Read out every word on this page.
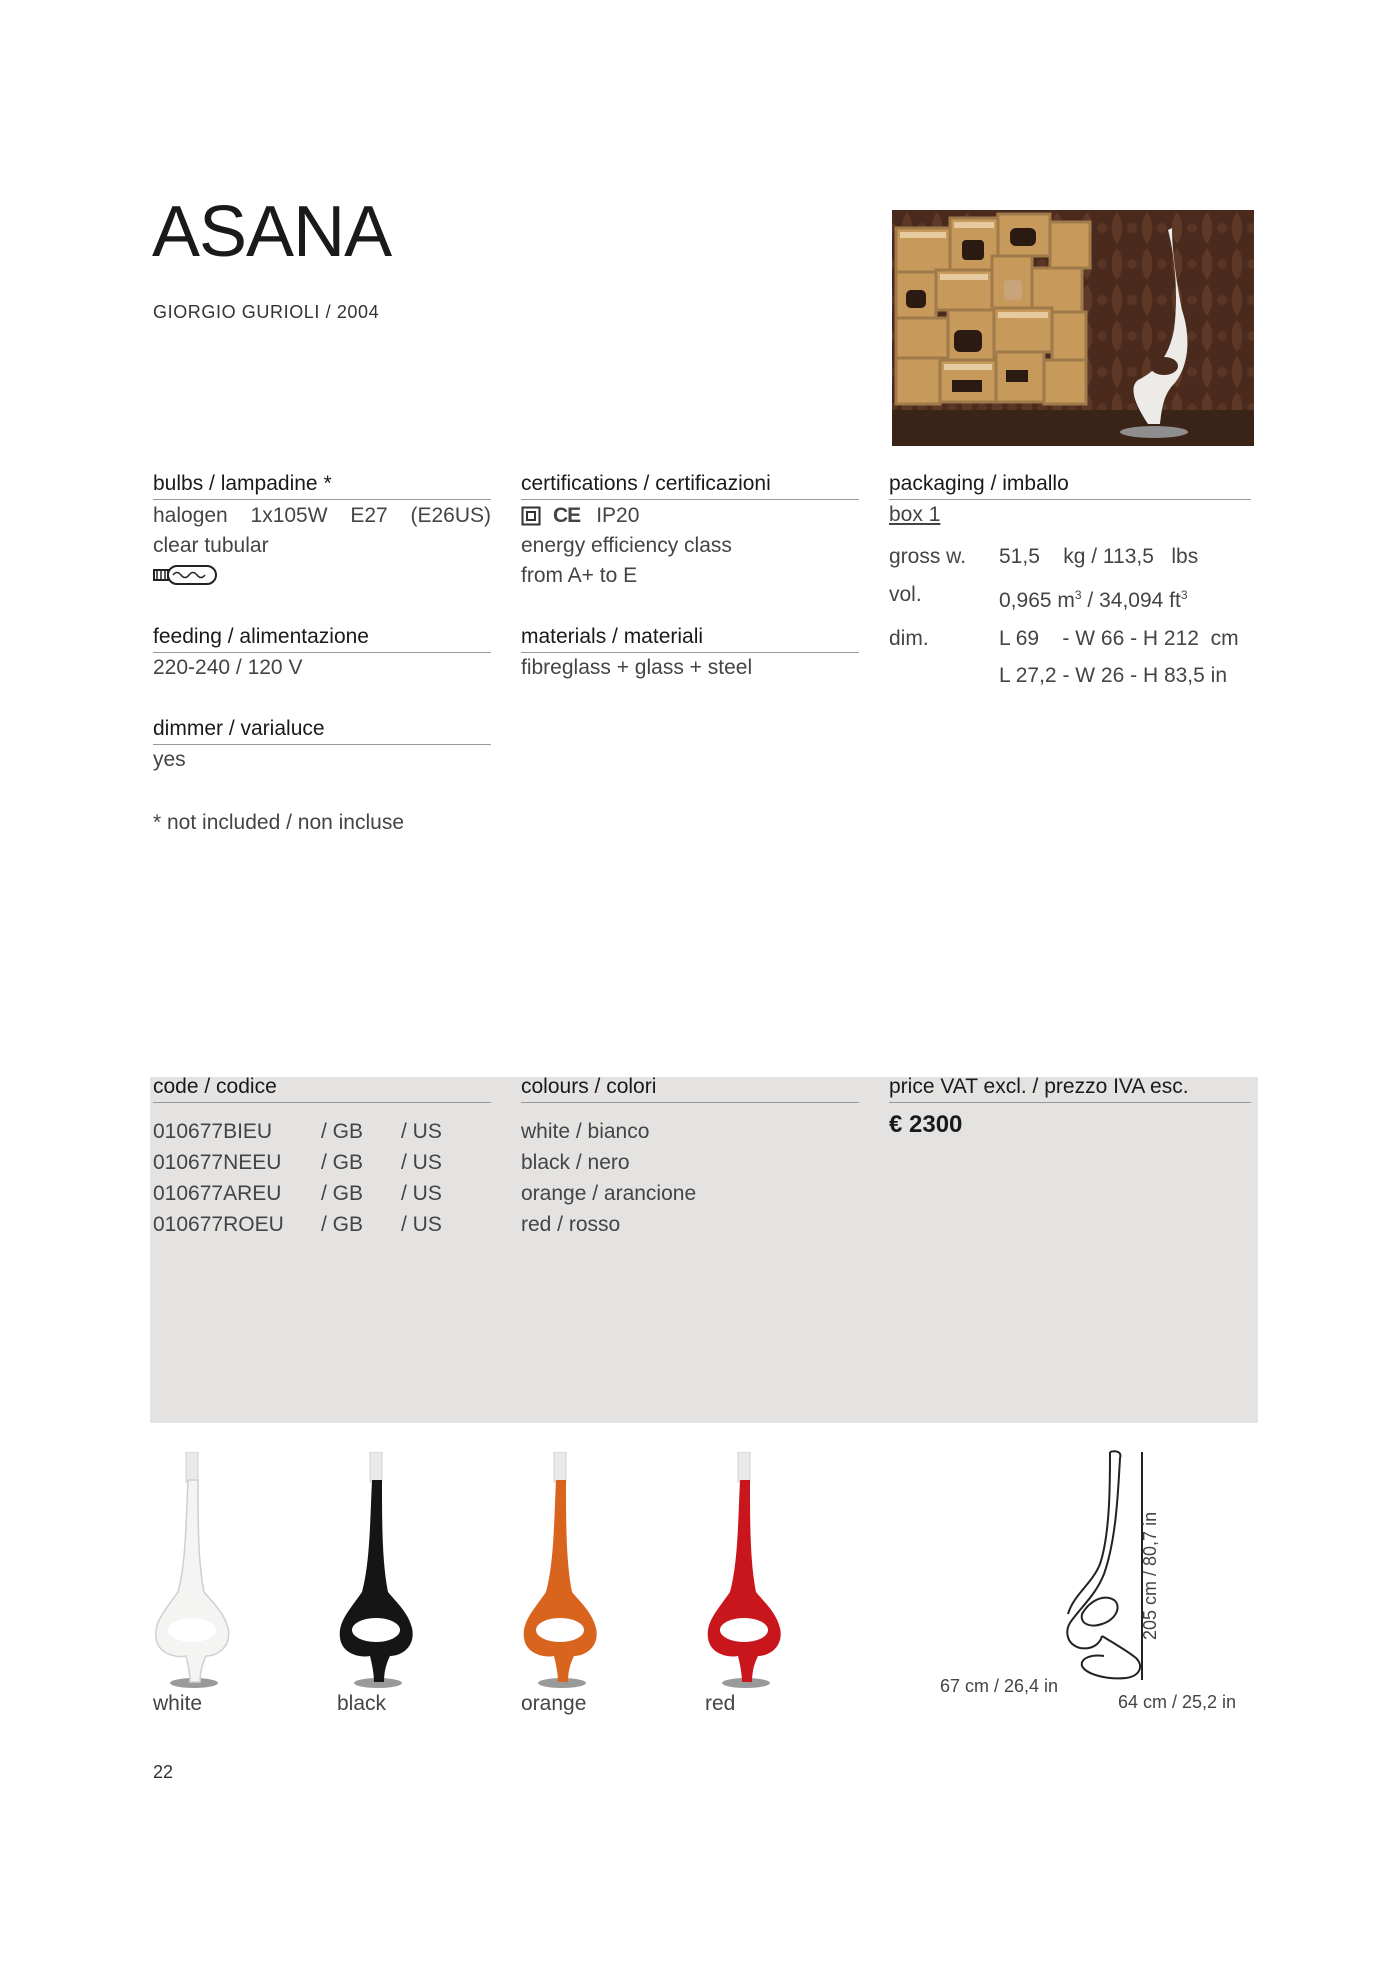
ASANA
GIORGIO GURIOLI / 2004
bulbs / lampadine *
halogen 1x105W E27 (E26US)
clear tubular
feeding / alimentazione
220-240 / 120 V
dimmer / varialuce
yes
* not included / non incluse
certifications / certificazioni
CE IP20
energy efficiency class
from A+ to E
materials / materiali
fibreglass + glass + steel
packaging / imballo
box 1
gross w.	51,5    kg / 113,5   lbs
vol.	0,965 $m^3 / 34,094$ $ft^3$
dim.	L 69    - W 66 - H 212  cm
L 27,2 - W 26 - H 83,5 in
code / codice
010677BIEU	/ GB	/ US
010677NEEU	/ GB	/ US
010677AREU	/ GB	/ US
010677ROEU	/ GB	/ US
colours / colori
white / bianco
black / nero
orange / arancione
red / rosso
price VAT excl. / prezzo IVA esc.
€ 2300
white	black	orange	red
205 cm / 80,7 in
67 cm / 26,4 in
64 cm / 25,2 in
22
